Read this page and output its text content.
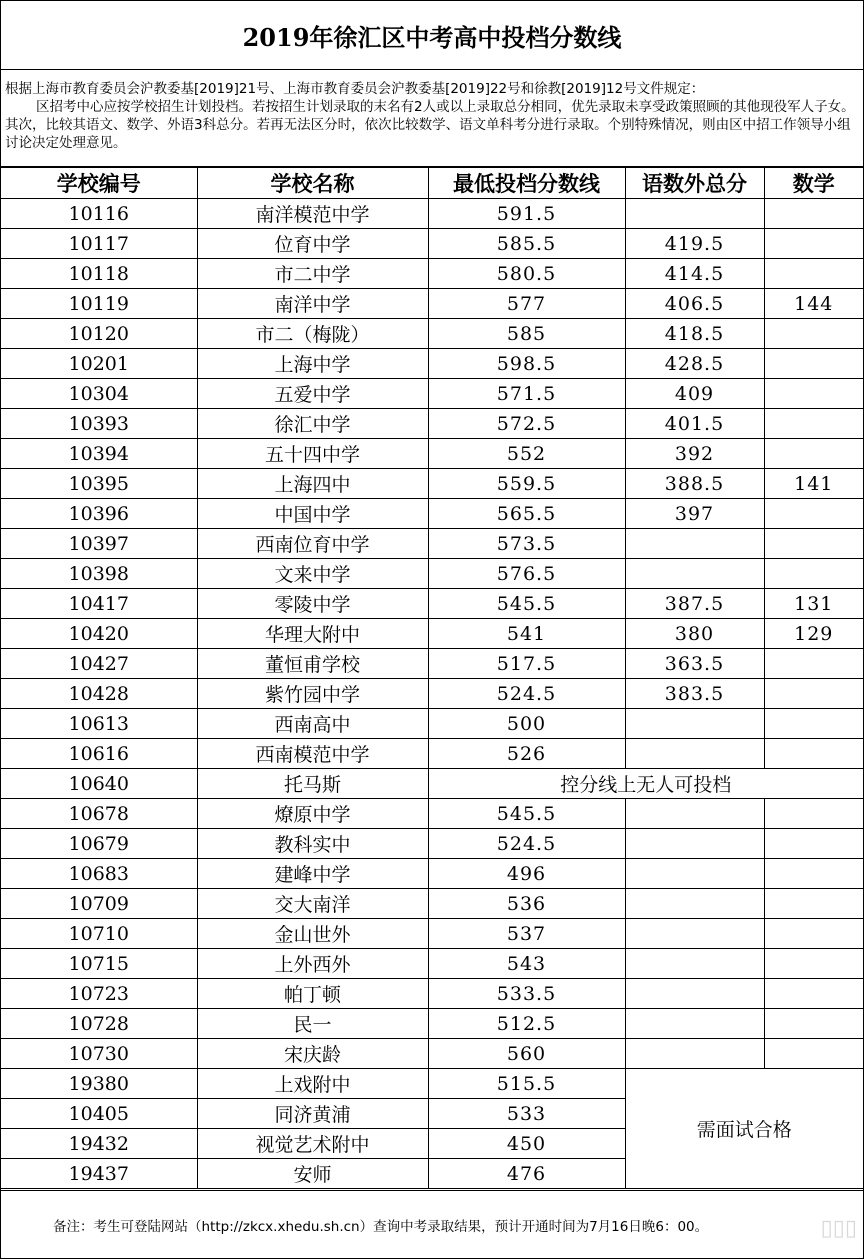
2019年徐汇区中考高中投档分数线

根据上海市教育委员会沪教委基[2019]21号、上海市教育委员会沪教委基[2019]22号和徐教[2019]12号文件规定：

区招考中心应按学校招生计划投档。若按招生计划录取的末名有2人或以上录取总分相同，优先录取未享受政策照顾的其他现役军人子女。其次，比较其语文、数学、外语3科总分。若再无法区分时，依次比较数学、语文单科考分进行录取。个别特殊情况，则由区中招工作领导小组讨论决定处理意见。

学校编号	学校名称	最低投档分数线	语数外总分	数学
10116	南洋模范中学	591.5		
10117	位育中学	585.5	419.5	
10118	市二中学	580.5	414.5	
10119	南洋中学	577	406.5	144
10120	市二（梅陇）	585	418.5	
10201	上海中学	598.5	428.5	
10304	五爱中学	571.5	409	
10393	徐汇中学	572.5	401.5	
10394	五十四中学	552	392	
10395	上海四中	559.5	388.5	141
10396	中国中学	565.5	397	
10397	西南位育中学	573.5		
10398	文来中学	576.5		
10417	零陵中学	545.5	387.5	131
10420	华理大附中	541	380	129
10427	董恒甫学校	517.5	363.5	
10428	紫竹园中学	524.5	383.5	
10613	西南高中	500		
10616	西南模范中学	526		
10640	托马斯	控分线上无人可投档		
10678	燎原中学	545.5		
10679	教科实中	524.5		
10683	建峰中学	496		
10709	交大南洋	536		
10710	金山世外	537		
10715	上外西外	543		
10723	帕丁顿	533.5		
10728	民一	512.5		
10730	宋庆龄	560		
19380	上戏附中	515.5	需面试合格	
10405	同济黄浦	533		
19432	视觉艺术附中	450		
19437	安师	476		
备注：考生可登陆网站（http://zkcx.xhedu.sh.cn）查询中考录取结果，预计开通时间为7月16日晚6：00。	▯▯▯
